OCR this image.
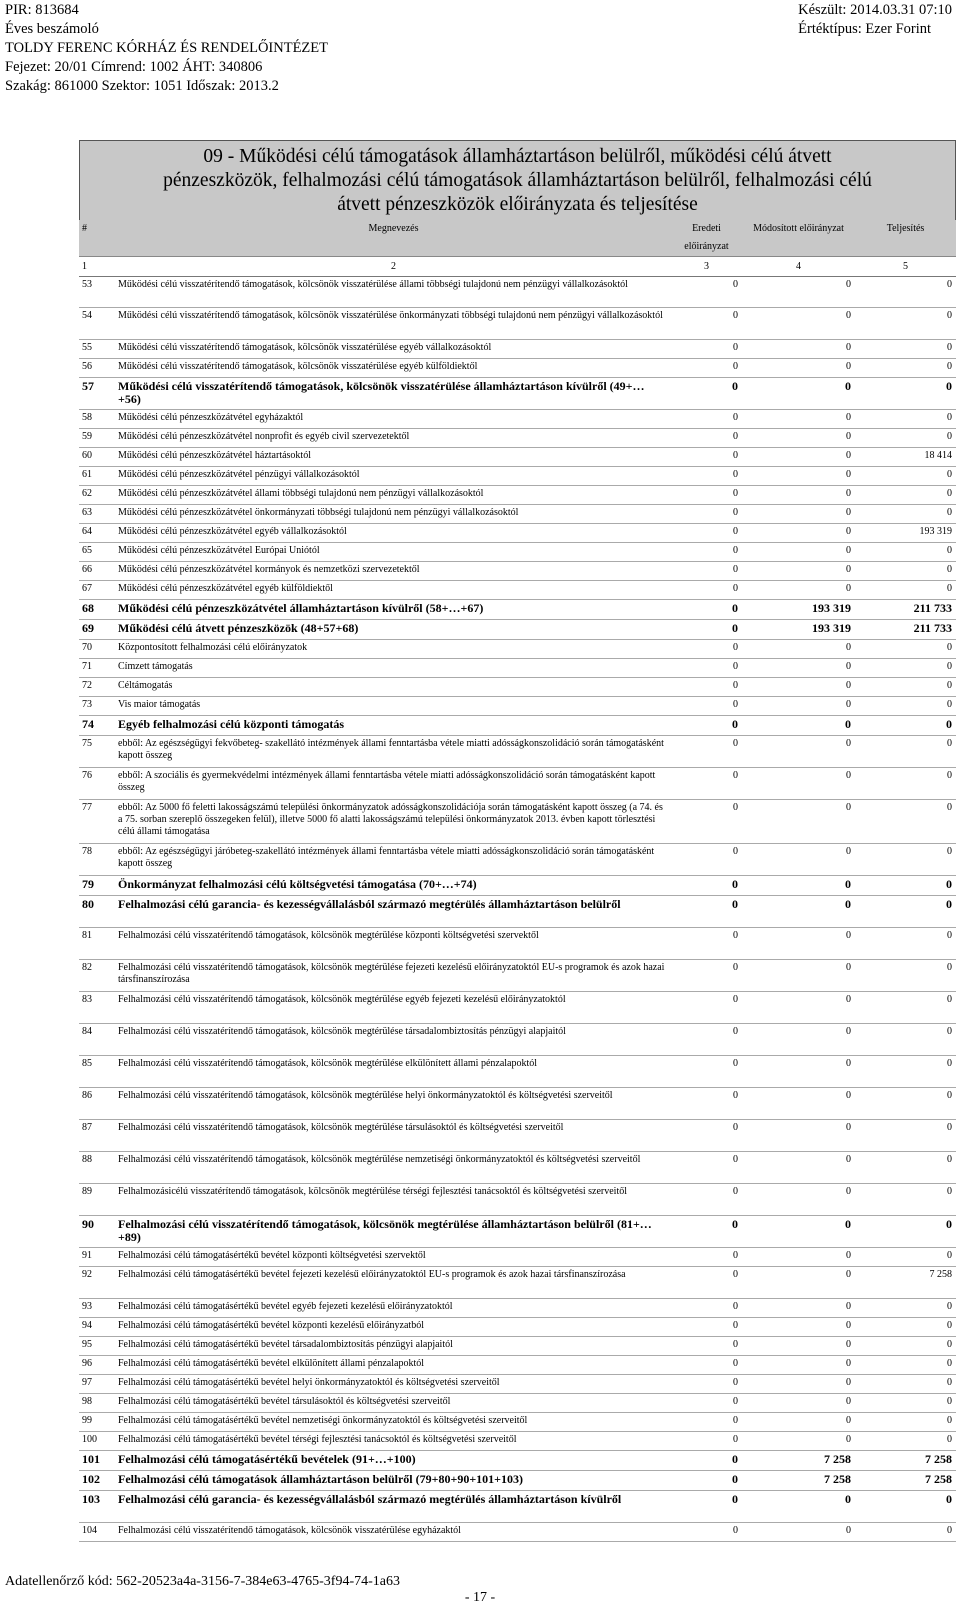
PIR: 813684
Éves beszámoló
TOLDY FERENC KÓRHÁZ ÉS RENDELŐINTÉZET
Fejezet: 20/01 Címrend: 1002 ÁHT: 340806
Szakág: 861000 Szektor: 1051 Időszak: 2013.2
Készült: 2014.03.31 07:10
Értéktípus: Ezer Forint
09 - Működési célú támogatások államháztartáson belülről, működési célú átvett
pénzeszközök, felhalmozási célú támogatások államháztartáson belülről, felhalmozási célú
átvett pénzeszközök előirányzata és teljesítése
#	Megnevezés	Eredeti előirányzat	Módosított előirányzat	Teljesítés
1	2	3	4	5
53	Működési célú visszatérítendő támogatások, kölcsönök visszatérülése állami többségi tulajdonú nem pénzügyi vállalkozásoktól	0	0	0
54	Működési célú visszatérítendő támogatások, kölcsönök visszatérülése önkormányzati többségi tulajdonú nem pénzügyi vállalkozásoktól	0	0	0
55	Működési célú visszatérítendő támogatások, kölcsönök visszatérülése egyéb vállalkozásoktól	0	0	0
56	Működési célú visszatérítendő támogatások, kölcsönök visszatérülése egyéb külföldiektől	0	0	0
57	Működési célú visszatérítendő támogatások, kölcsönök visszatérülése államháztartáson kívülről (49+…+56)	0	0	0
58	Működési célú pénzeszközátvétel egyházaktól	0	0	0
59	Működési célú pénzeszközátvétel nonprofit és egyéb civil szervezetektől	0	0	0
60	Működési célú pénzeszközátvétel háztartásoktól	0	0	18 414
61	Működési célú pénzeszközátvétel pénzügyi vállalkozásoktól	0	0	0
62	Működési célú pénzeszközátvétel állami többségi tulajdonú nem pénzügyi vállalkozásoktól	0	0	0
63	Működési célú pénzeszközátvétel önkormányzati többségi tulajdonú nem pénzügyi vállalkozásoktól	0	0	0
64	Működési célú pénzeszközátvétel egyéb vállalkozásoktól	0	0	193 319
65	Működési célú pénzeszközátvétel Európai Uniótól	0	0	0
66	Működési célú pénzeszközátvétel kormányok és nemzetközi szervezetektől	0	0	0
67	Működési célú pénzeszközátvétel egyéb külföldiektől	0	0	0
68	Működési célú pénzeszközátvétel államháztartáson kívülről (58+…+67)	0	193 319	211 733
69	Működési célú átvett pénzeszközök (48+57+68)	0	193 319	211 733
70	Központosított felhalmozási célú előirányzatok	0	0	0
71	Címzett támogatás	0	0	0
72	Céltámogatás	0	0	0
73	Vis maior támogatás	0	0	0
74	Egyéb felhalmozási célú központi támogatás	0	0	0
75	ebből: Az egészségügyi fekvőbeteg- szakellátó intézmények állami fenntartásba vétele miatti adósságkonszolidáció során támogatásként kapott összeg	0	0	0
76	ebből: A szociális és gyermekvédelmi intézmények állami fenntartásba vétele miatti adósságkonszolidáció során támogatásként kapott összeg	0	0	0
77	ebből: Az 5000 fő feletti lakosságszámú települési önkormányzatok adósságkonszolidációja során támogatásként kapott összeg (a 74. és a 75. sorban szereplő összegeken felül), illetve 5000 fő alatti lakosságszámú települési önkormányzatok 2013. évben kapott törlesztési célú állami támogatása	0	0	0
78	ebből: Az egészségügyi járóbeteg-szakellátó intézmények állami fenntartásba vétele miatti adósságkonszolidáció során támogatásként kapott összeg	0	0	0
79	Önkormányzat felhalmozási célú költségvetési támogatása (70+…+74)	0	0	0
80	Felhalmozási célú garancia- és kezességvállalásból származó megtérülés államháztartáson belülről	0	0	0
81	Felhalmozási célú visszatérítendő támogatások, kölcsönök megtérülése központi költségvetési szervektől	0	0	0
82	Felhalmozási célú visszatérítendő támogatások, kölcsönök megtérülése fejezeti kezelésű előirányzatoktól EU-s programok és azok hazai társfinanszírozása	0	0	0
83	Felhalmozási célú visszatérítendő támogatások, kölcsönök megtérülése egyéb fejezeti kezelésű előirányzatoktól	0	0	0
84	Felhalmozási célú visszatérítendő támogatások, kölcsönök megtérülése társadalombiztosítás pénzügyi alapjaitól	0	0	0
85	Felhalmozási célú visszatérítendő támogatások, kölcsönök megtérülése elkülönített állami pénzalapoktól	0	0	0
86	Felhalmozási célú visszatérítendő támogatások, kölcsönök megtérülése helyi önkormányzatoktól és költségvetési szerveitől	0	0	0
87	Felhalmozási célú visszatérítendő támogatások, kölcsönök megtérülése társulásoktól és költségvetési szerveitől	0	0	0
88	Felhalmozási célú visszatérítendő támogatások, kölcsönök megtérülése nemzetiségi önkormányzatoktól és költségvetési szerveitől	0	0	0
89	Felhalmozásicélú visszatérítendő támogatások, kölcsönök megtérülése térségi fejlesztési tanácsoktól és költségvetési szerveitől	0	0	0
90	Felhalmozási célú visszatérítendő támogatások, kölcsönök megtérülése államháztartáson belülről (81+…+89)	0	0	0
91	Felhalmozási célú támogatásértékű bevétel központi költségvetési szervektől	0	0	0
92	Felhalmozási célú támogatásértékű bevétel fejezeti kezelésű előirányzatoktól EU-s programok és azok hazai társfinanszírozása	0	0	7 258
93	Felhalmozási célú támogatásértékű bevétel egyéb fejezeti kezelésű előirányzatoktól	0	0	0
94	Felhalmozási célú támogatásértékű bevétel központi kezelésű előirányzatból	0	0	0
95	Felhalmozási célú támogatásértékű bevétel társadalombiztosítás pénzügyi alapjaitól	0	0	0
96	Felhalmozási célú támogatásértékű bevétel elkülönített állami pénzalapoktól	0	0	0
97	Felhalmozási célú támogatásértékű bevétel helyi önkormányzatoktól és költségvetési szerveitől	0	0	0
98	Felhalmozási célú támogatásértékű bevétel társulásoktól és költségvetési szerveitől	0	0	0
99	Felhalmozási célú támogatásértékű bevétel nemzetiségi önkormányzatoktól és költségvetési szerveitől	0	0	0
100	Felhalmozási célú támogatásértékű bevétel térségi fejlesztési tanácsoktól és költségvetési szerveitől	0	0	0
101	Felhalmozási célú támogatásértékű bevételek (91+…+100)	0	7 258	7 258
102	Felhalmozási célú támogatások államháztartáson belülről (79+80+90+101+103)	0	7 258	7 258
103	Felhalmozási célú garancia- és kezességvállalásból származó megtérülés államháztartáson kívülről	0	0	0
104	Felhalmozási célú visszatérítendő támogatások, kölcsönök visszatérülése egyházaktól	0	0	0
Adatellenőrző kód: 562-20523a4a-3156-7-384e63-4765-3f94-74-1a63
- 17 -
